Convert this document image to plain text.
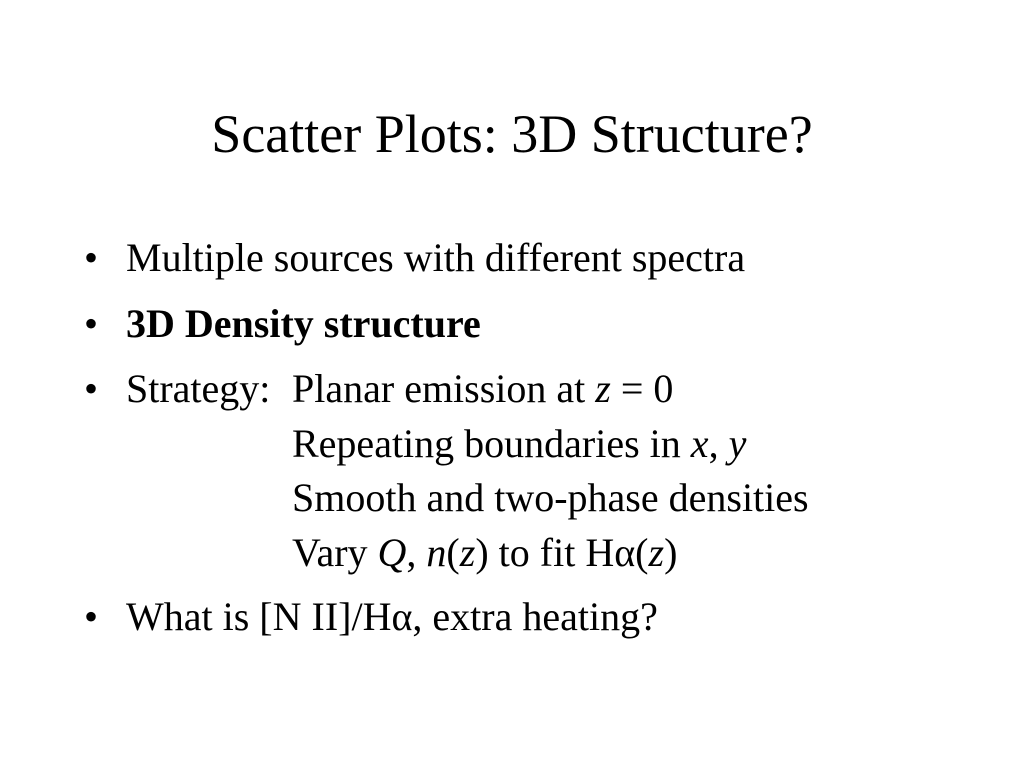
Scatter Plots: 3D Structure?
• Multiple sources with different spectra
• 3D Density structure
• Strategy: Planar emission at z = 0
Repeating boundaries in x, y
Smooth and two-phase densities
Vary Q, n(z) to fit Hα(z)
• What is [N II]/Hα, extra heating?
